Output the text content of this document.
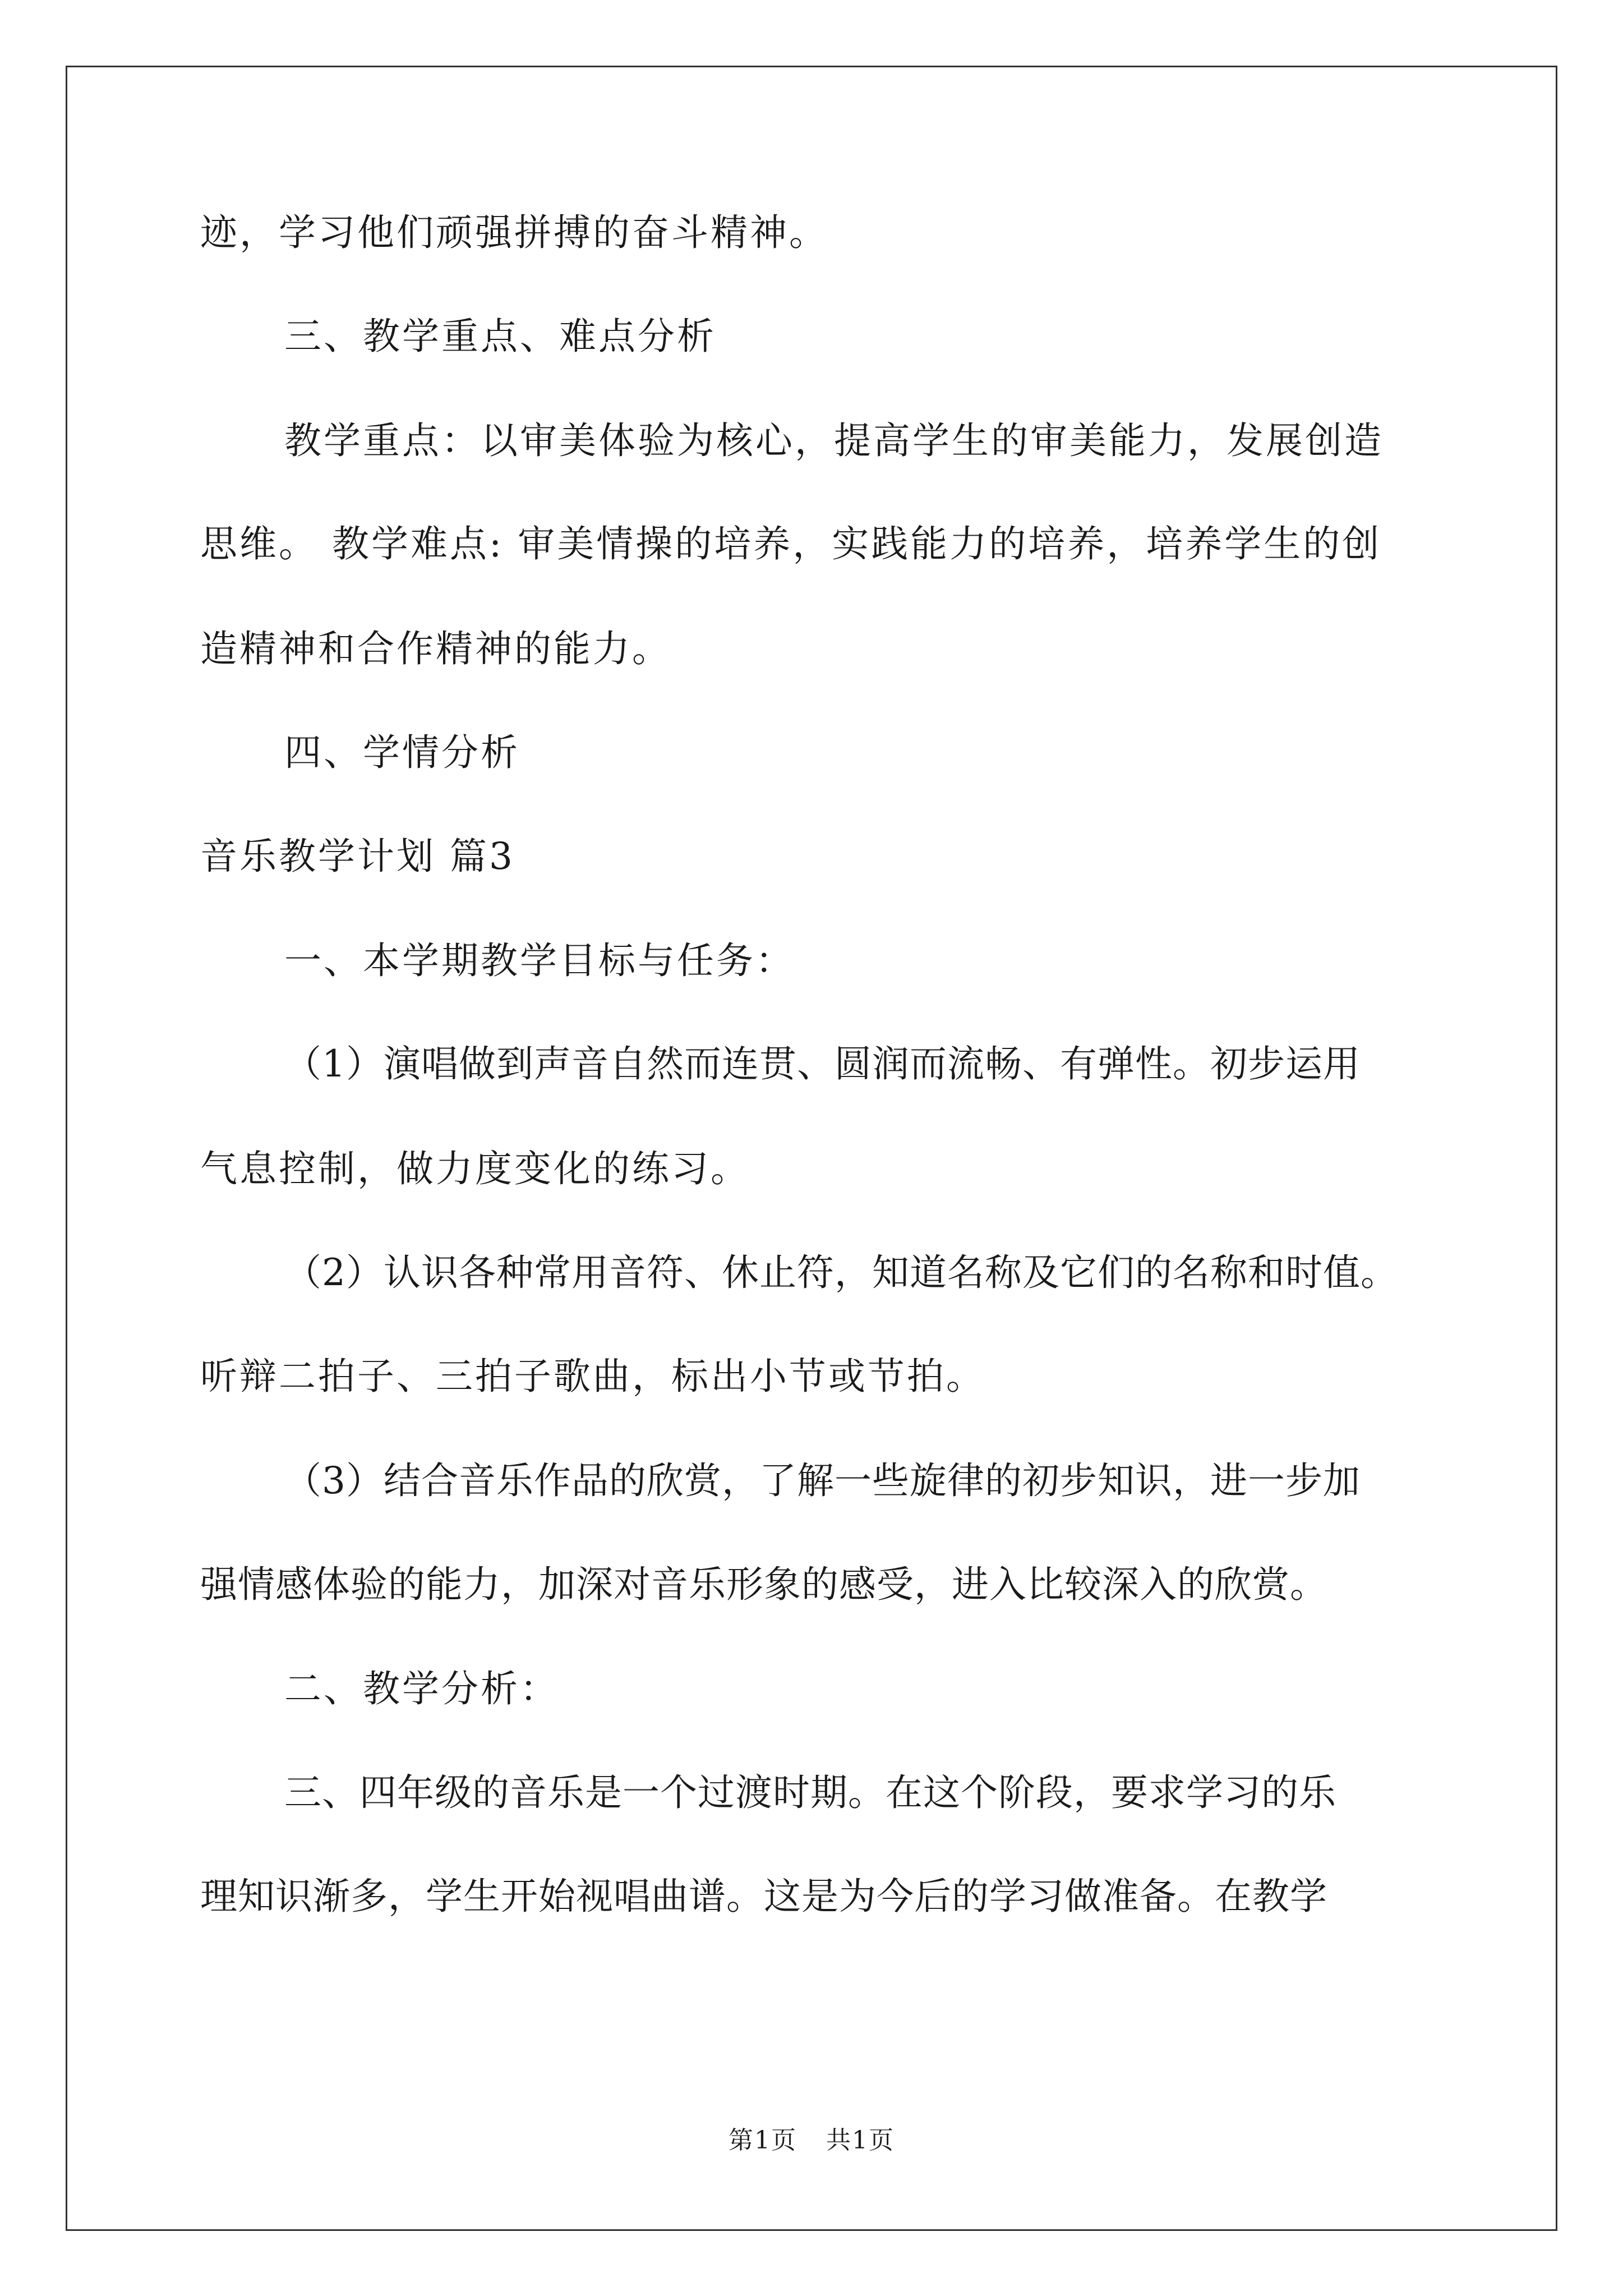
迹，学习他们顽强拼搏的奋斗精神。
三、教学重点、难点分析
教学重点：以审美体验为核心，提高学生的审美能力，发展创造
思维。 教学难点: 审美情操的培养，实践能力的培养，培养学生的创
造精神和合作精神的能力。
四、学情分析
音乐教学计划 篇3
一、本学期教学目标与任务：
（1）演唱做到声音自然而连贯、圆润而流畅、有弹性。初步运用
气息控制，做力度变化的练习。
（2）认识各种常用音符、休止符，知道名称及它们的名称和时值。
听辩二拍子、三拍子歌曲，标出小节或节拍。
（3）结合音乐作品的欣赏，了解一些旋律的初步知识，进一步加
强情感体验的能力，加深对音乐形象的感受，进入比较深入的欣赏。
二、教学分析：
三、四年级的音乐是一个过渡时期。在这个阶段，要求学习的乐
理知识渐多，学生开始视唱曲谱。这是为今后的学习做准备。在教学
第1页 共1页
